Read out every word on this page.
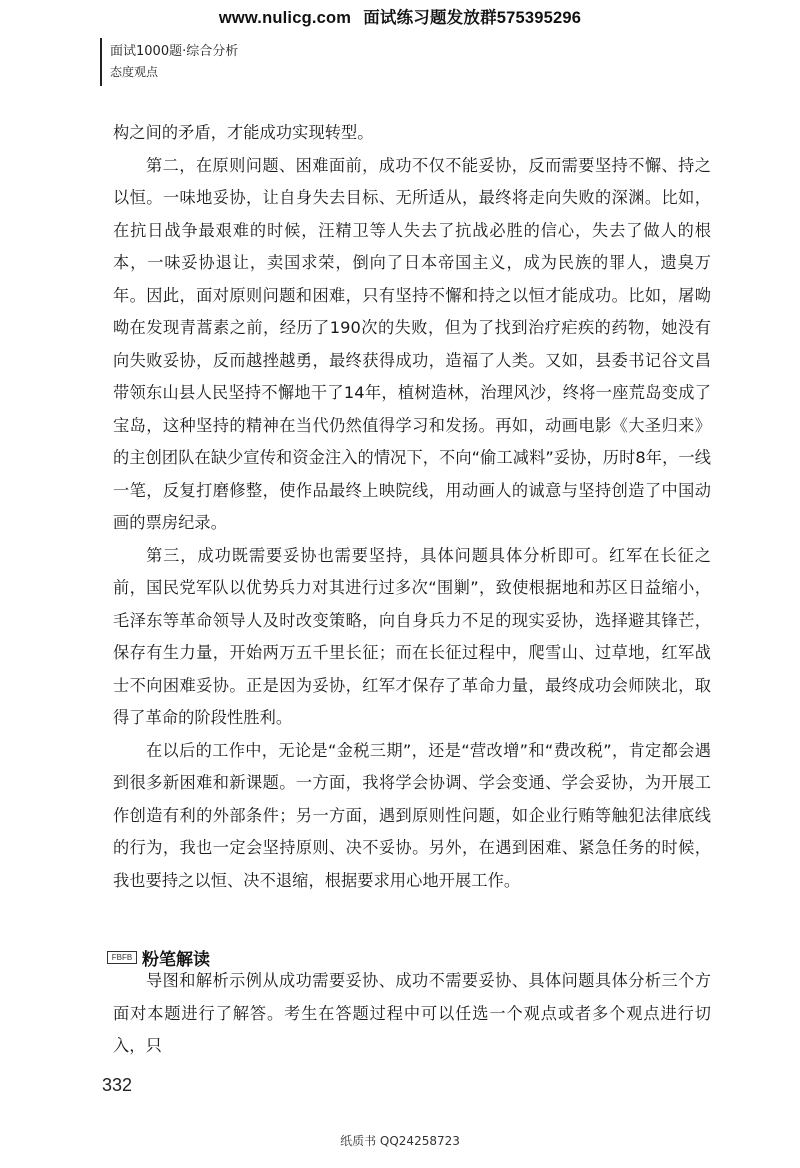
www.nulicg.com 面试练习题发放群575395296
面试1000题·综合分析
态度观点

构之间的矛盾，才能成功实现转型。

第二，在原则问题、困难面前，成功不仅不能妥协，反而需要坚持不懈、持之以恒。一味地妥协，让自身失去目标、无所适从，最终将走向失败的深渊。比如，在抗日战争最艰难的时候，汪精卫等人失去了抗战必胜的信心，失去了做人的根本，一味妥协退让，卖国求荣，倒向了日本帝国主义，成为民族的罪人，遗臭万年。因此，面对原则问题和困难，只有坚持不懈和持之以恒才能成功。比如，屠呦呦在发现青蒿素之前，经历了190次的失败，但为了找到治疗疟疾的药物，她没有向失败妥协，反而越挫越勇，最终获得成功，造福了人类。又如，县委书记谷文昌带领东山县人民坚持不懈地干了14年，植树造林，治理风沙，终将一座荒岛变成了宝岛，这种坚持的精神在当代仍然值得学习和发扬。再如，动画电影《大圣归来》的主创团队在缺少宣传和资金注入的情况下，不向“偷工减料”妥协，历时8年，一线一笔，反复打磨修整，使作品最终上映院线，用动画人的诚意与坚持创造了中国动画的票房纪录。

第三，成功既需要妥协也需要坚持，具体问题具体分析即可。红军在长征之前，国民党军队以优势兵力对其进行过多次“围剿”，致使根据地和苏区日益缩小，毛泽东等革命领导人及时改变策略，向自身兵力不足的现实妥协，选择避其锋芒，保存有生力量，开始两万五千里长征；而在长征过程中，爬雪山、过草地，红军战士不向困难妥协。正是因为妥协，红军才保存了革命力量，最终成功会师陕北，取得了革命的阶段性胜利。

在以后的工作中，无论是“金税三期”，还是“营改增”和“费改税”，肯定都会遇到很多新困难和新课题。一方面，我将学会协调、学会变通、学会妥协，为开展工作创造有利的外部条件；另一方面，遇到原则性问题，如企业行贿等触犯法律底线的行为，我也一定会坚持原则、决不妥协。另外，在遇到困难、紧急任务的时候，我也要持之以恒、决不退缩，根据要求用心地开展工作。

FBFB 粉笔解读

导图和解析示例从成功需要妥协、成功不需要妥协、具体问题具体分析三个方面对本题进行了解答。考生在答题过程中可以任选一个观点或者多个观点进行切入，只

332
纸质书 QQ24258723
